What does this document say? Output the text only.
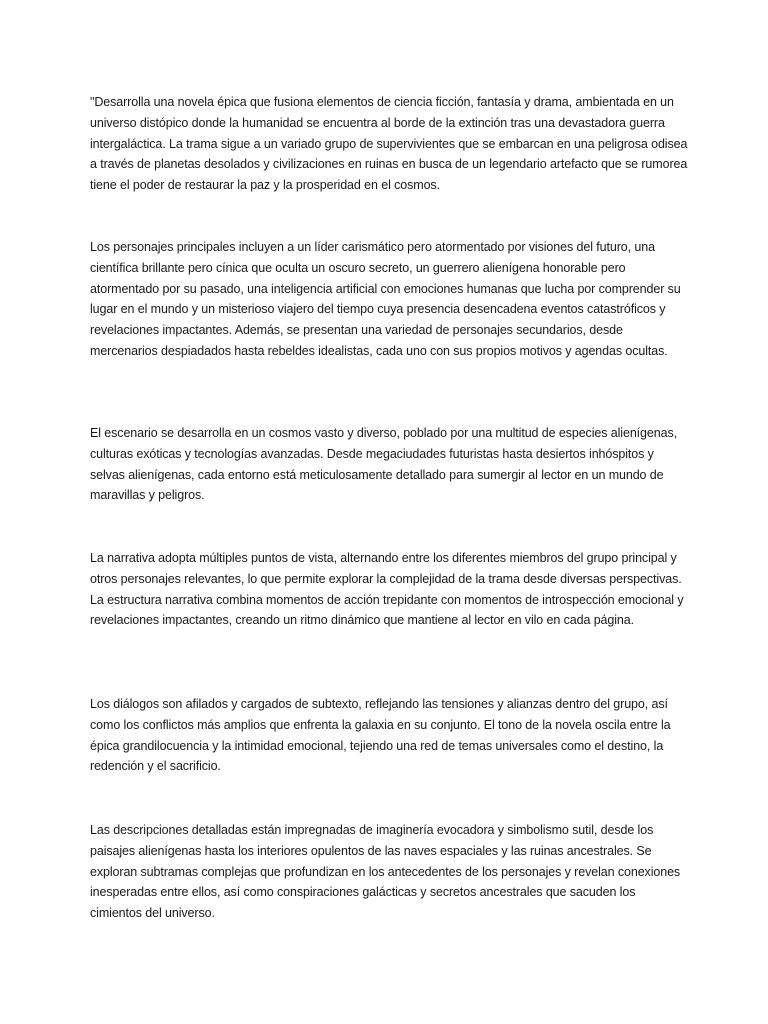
"Desarrolla una novela épica que fusiona elementos de ciencia ficción, fantasía y drama, ambientada en un universo distópico donde la humanidad se encuentra al borde de la extinción tras una devastadora guerra intergaláctica. La trama sigue a un variado grupo de supervivientes que se embarcan en una peligrosa odisea a través de planetas desolados y civilizaciones en ruinas en busca de un legendario artefacto que se rumorea tiene el poder de restaurar la paz y la prosperidad en el cosmos.

Los personajes principales incluyen a un líder carismático pero atormentado por visiones del futuro, una científica brillante pero cínica que oculta un oscuro secreto, un guerrero alienígena honorable pero atormentado por su pasado, una inteligencia artificial con emociones humanas que lucha por comprender su lugar en el mundo y un misterioso viajero del tiempo cuya presencia desencadena eventos catastróficos y revelaciones impactantes. Además, se presentan una variedad de personajes secundarios, desde mercenarios despiadados hasta rebeldes idealistas, cada uno con sus propios motivos y agendas ocultas.

El escenario se desarrolla en un cosmos vasto y diverso, poblado por una multitud de especies alienígenas, culturas exóticas y tecnologías avanzadas. Desde megaciudades futuristas hasta desiertos inhóspitos y selvas alienígenas, cada entorno está meticulosamente detallado para sumergir al lector en un mundo de maravillas y peligros.

La narrativa adopta múltiples puntos de vista, alternando entre los diferentes miembros del grupo principal y otros personajes relevantes, lo que permite explorar la complejidad de la trama desde diversas perspectivas. La estructura narrativa combina momentos de acción trepidante con momentos de introspección emocional y revelaciones impactantes, creando un ritmo dinámico que mantiene al lector en vilo en cada página.

Los diálogos son afilados y cargados de subtexto, reflejando las tensiones y alianzas dentro del grupo, así como los conflictos más amplios que enfrenta la galaxia en su conjunto. El tono de la novela oscila entre la épica grandilocuencia y la intimidad emocional, tejiendo una red de temas universales como el destino, la redención y el sacrificio.

Las descripciones detalladas están impregnadas de imaginería evocadora y simbolismo sutil, desde los paisajes alienígenas hasta los interiores opulentos de las naves espaciales y las ruinas ancestrales. Se exploran subtramas complejas que profundizan en los antecedentes de los personajes y revelan conexiones inesperadas entre ellos, así como conspiraciones galácticas y secretos ancestrales que sacuden los cimientos del universo.
